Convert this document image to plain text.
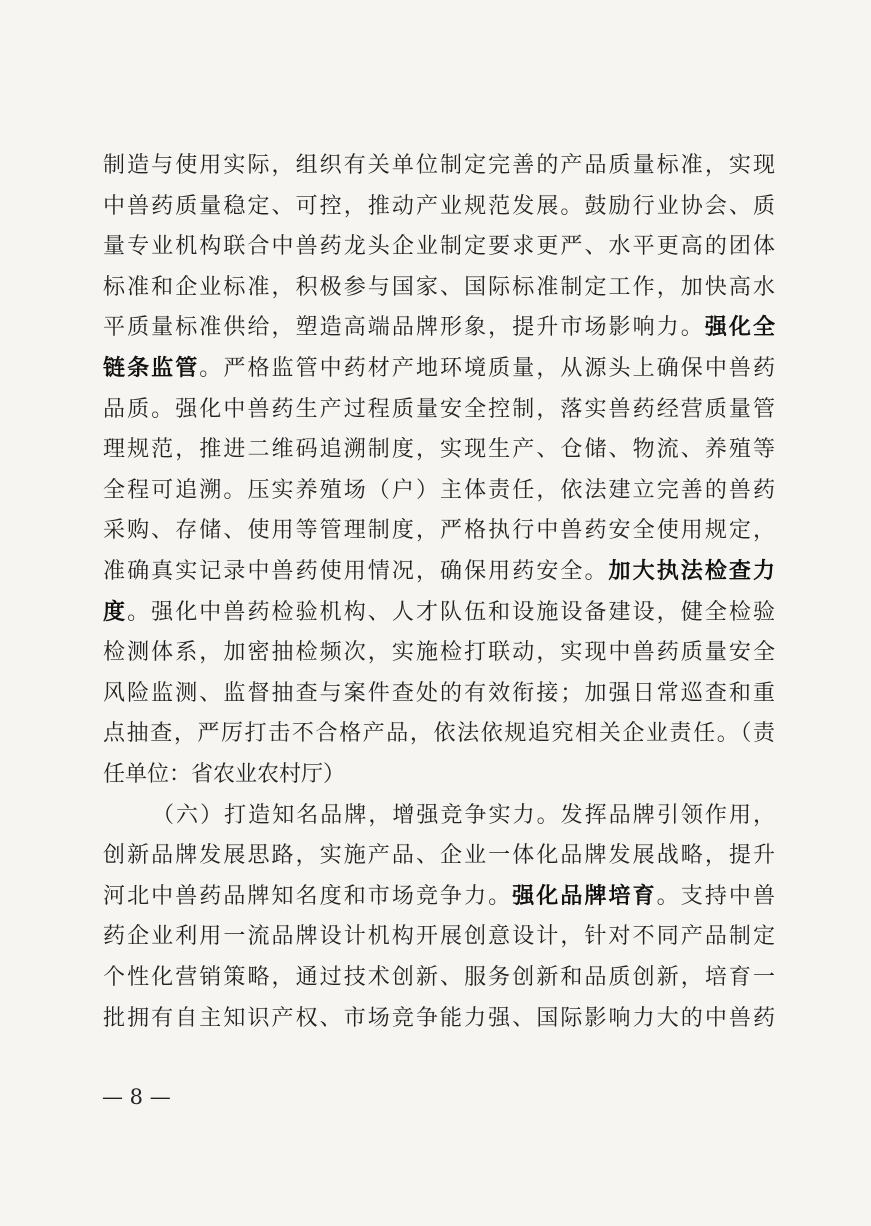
制造与使用实际，组织有关单位制定完善的产品质量标准，实现
中兽药质量稳定、可控，推动产业规范发展。鼓励行业协会、质
量专业机构联合中兽药龙头企业制定要求更严、水平更高的团体
标准和企业标准，积极参与国家、国际标准制定工作，加快高水
平质量标准供给，塑造高端品牌形象，提升市场影响力。强化全
链条监管。严格监管中药材产地环境质量，从源头上确保中兽药
品质。强化中兽药生产过程质量安全控制，落实兽药经营质量管
理规范，推进二维码追溯制度，实现生产、仓储、物流、养殖等
全程可追溯。压实养殖场（户）主体责任，依法建立完善的兽药
采购、存储、使用等管理制度，严格执行中兽药安全使用规定，
准确真实记录中兽药使用情况，确保用药安全。加大执法检查力
度。强化中兽药检验机构、人才队伍和设施设备建设，健全检验
检测体系，加密抽检频次，实施检打联动，实现中兽药质量安全
风险监测、监督抽查与案件查处的有效衔接；加强日常巡查和重
点抽查，严厉打击不合格产品，依法依规追究相关企业责任。（责
任单位：省农业农村厅）
（六）打造知名品牌，增强竞争实力。发挥品牌引领作用，
创新品牌发展思路，实施产品、企业一体化品牌发展战略，提升
河北中兽药品牌知名度和市场竞争力。强化品牌培育。支持中兽
药企业利用一流品牌设计机构开展创意设计，针对不同产品制定
个性化营销策略，通过技术创新、服务创新和品质创新，培育一
批拥有自主知识产权、市场竞争能力强、国际影响力大的中兽药
— 8 —
